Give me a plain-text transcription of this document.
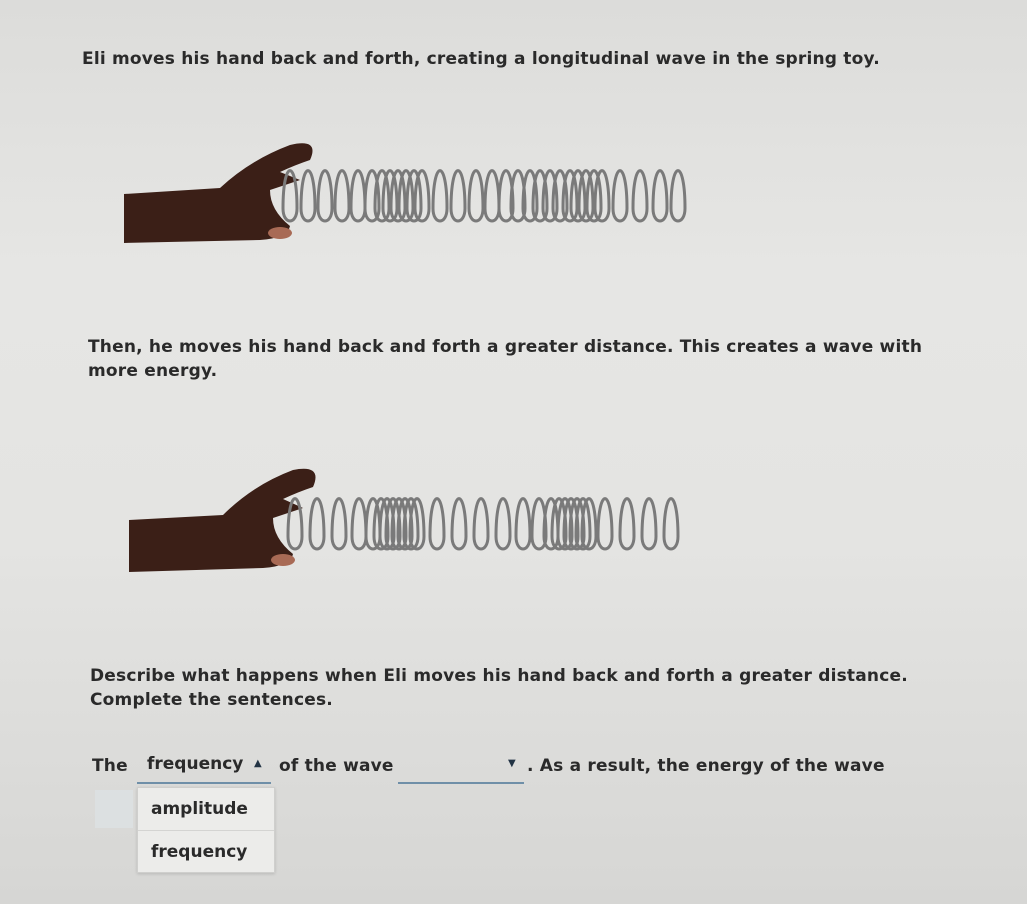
Eli moves his hand back and forth, creating a longitudinal wave in the spring toy.
Then, he moves his hand back and forth a greater distance. This creates a wave with
more energy.
Describe what happens when Eli moves his hand back and forth a greater distance.
Complete the sentences.
The frequency ▲ of the wave	▼ . As a result, the energy of the wave
amplitude
frequency
